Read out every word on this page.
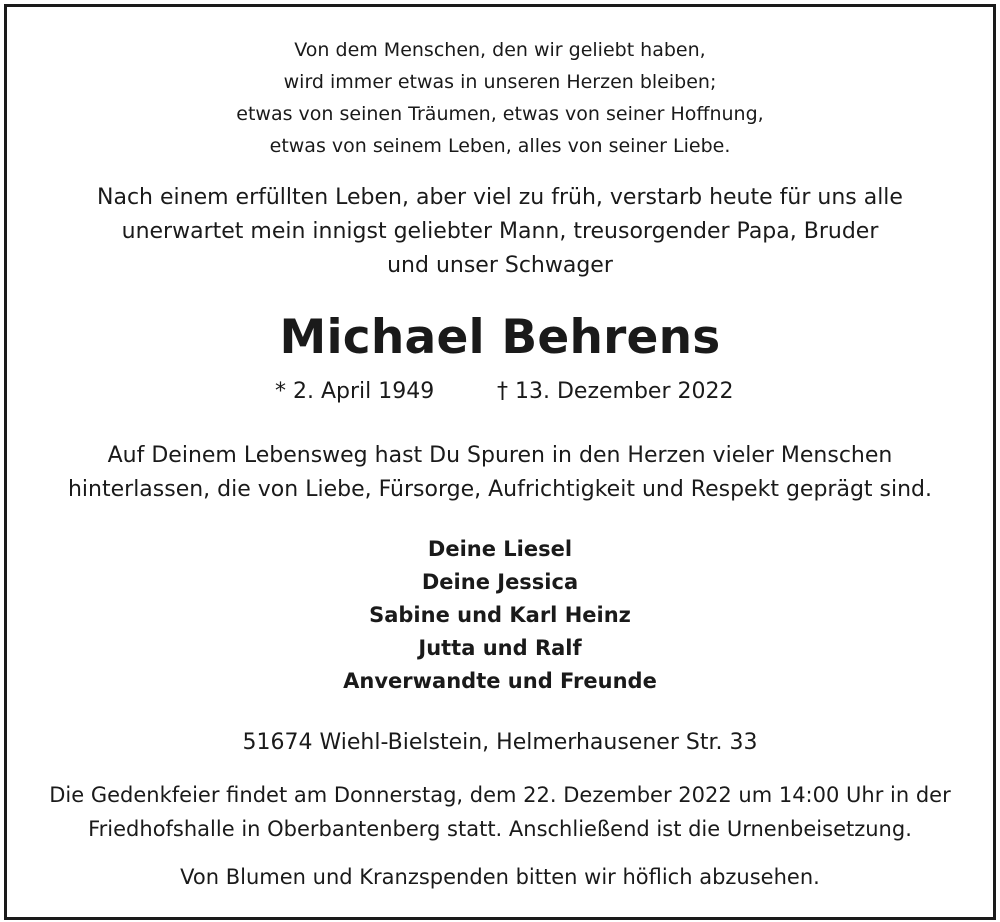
Von dem Menschen, den wir geliebt haben,
wird immer etwas in unseren Herzen bleiben;
etwas von seinen Träumen, etwas von seiner Hoffnung,
etwas von seinem Leben, alles von seiner Liebe.
Nach einem erfüllten Leben, aber viel zu früh, verstarb heute für uns alle
unerwartet mein innigst geliebter Mann, treusorgender Papa, Bruder
und unser Schwager
Michael Behrens
* 2. April 1949	† 13. Dezember 2022
Auf Deinem Lebensweg hast Du Spuren in den Herzen vieler Menschen
hinterlassen, die von Liebe, Fürsorge, Aufrichtigkeit und Respekt geprägt sind.
Deine Liesel
Deine Jessica
Sabine und Karl Heinz
Jutta und Ralf
Anverwandte und Freunde
51674 Wiehl-Bielstein, Helmerhausener Str. 33
Die Gedenkfeier findet am Donnerstag, dem 22. Dezember 2022 um 14:00 Uhr in der
Friedhofshalle in Oberbantenberg statt. Anschließend ist die Urnenbeisetzung.
Von Blumen und Kranzspenden bitten wir höflich abzusehen.
